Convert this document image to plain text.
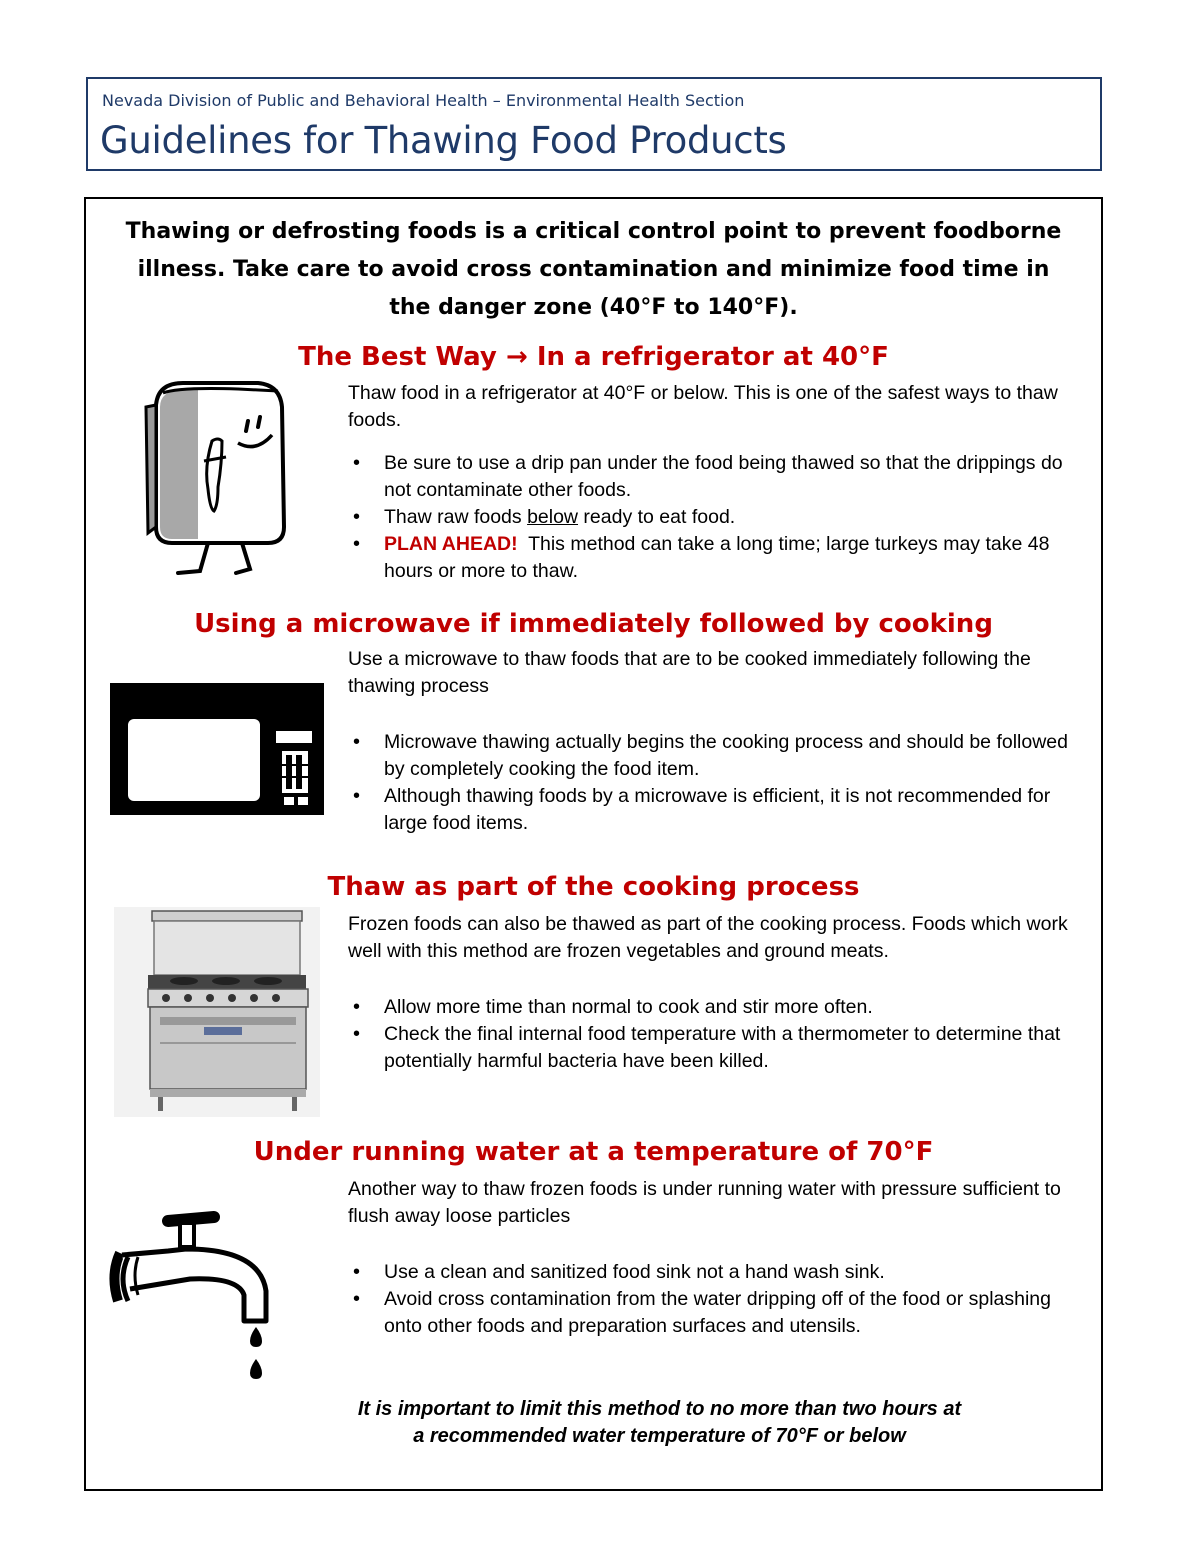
Nevada Division of Public and Behavioral Health – Environmental Health Section
Guidelines for Thawing Food Products
Thawing or defrosting foods is a critical control point to prevent foodborne
illness. Take care to avoid cross contamination and minimize food time in
the danger zone (40°F to 140°F).
The Best Way → In a refrigerator at 40°F

Thaw food in a refrigerator at 40°F or below. This is one of the safest ways to thaw foods.

• Be sure to use a drip pan under the food being thawed so that the drippings do not contaminate other foods.
• Thaw raw foods below ready to eat food.
• PLAN AHEAD!  This method can take a long time; large turkeys may take 48 hours or more to thaw.
Using a microwave if immediately followed by cooking

Use a microwave to thaw foods that are to be cooked immediately following the thawing process

• Microwave thawing actually begins the cooking process and should be followed by completely cooking the food item.
• Although thawing foods by a microwave is efficient, it is not recommended for large food items.
Thaw as part of the cooking process

Frozen foods can also be thawed as part of the cooking process. Foods which work well with this method are frozen vegetables and ground meats.

• Allow more time than normal to cook and stir more often.
• Check the final internal food temperature with a thermometer to determine that potentially harmful bacteria have been killed.
Under running water at a temperature of 70°F

Another way to thaw frozen foods is under running water with pressure sufficient to flush away loose particles

• Use a clean and sanitized food sink not a hand wash sink.
• Avoid cross contamination from the water dripping off of the food or splashing onto other foods and preparation surfaces and utensils.
It is important to limit this method to no more than two hours at
a recommended water temperature of 70°F or below
